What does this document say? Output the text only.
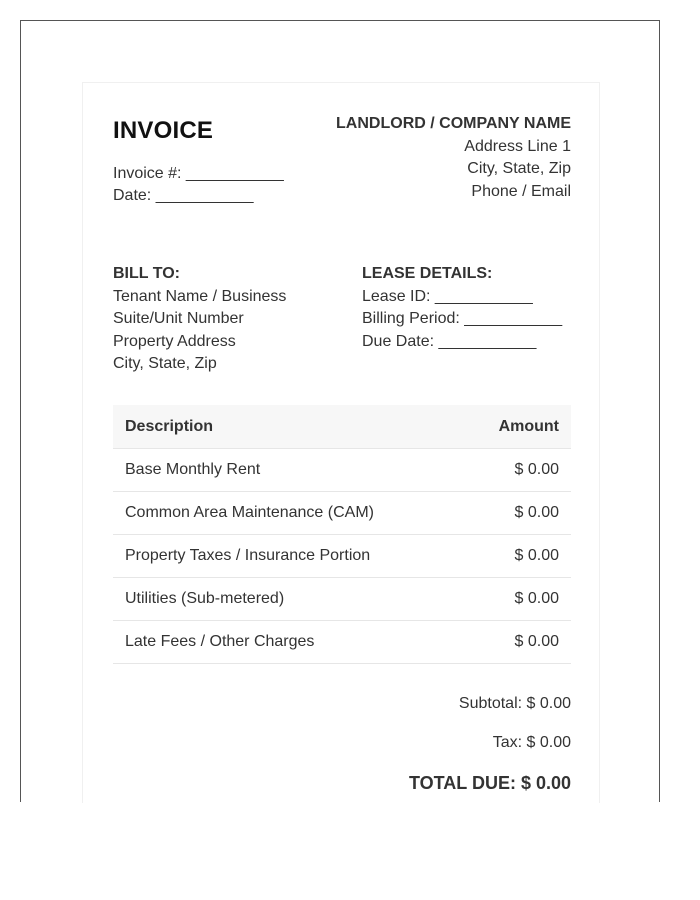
INVOICE
Invoice #: ___________
Date: ___________
LANDLORD / COMPANY NAME
Address Line 1
City, State, Zip
Phone / Email
BILL TO:
Tenant Name / Business
Suite/Unit Number
Property Address
City, State, Zip
LEASE DETAILS:
Lease ID: ___________
Billing Period: ___________
Due Date: ___________
Description	Amount
Base Monthly Rent	$ 0.00
Common Area Maintenance (CAM)	$ 0.00
Property Taxes / Insurance Portion	$ 0.00
Utilities (Sub-metered)	$ 0.00
Late Fees / Other Charges	$ 0.00
Subtotal: $ 0.00
Tax: $ 0.00
TOTAL DUE: $ 0.00
